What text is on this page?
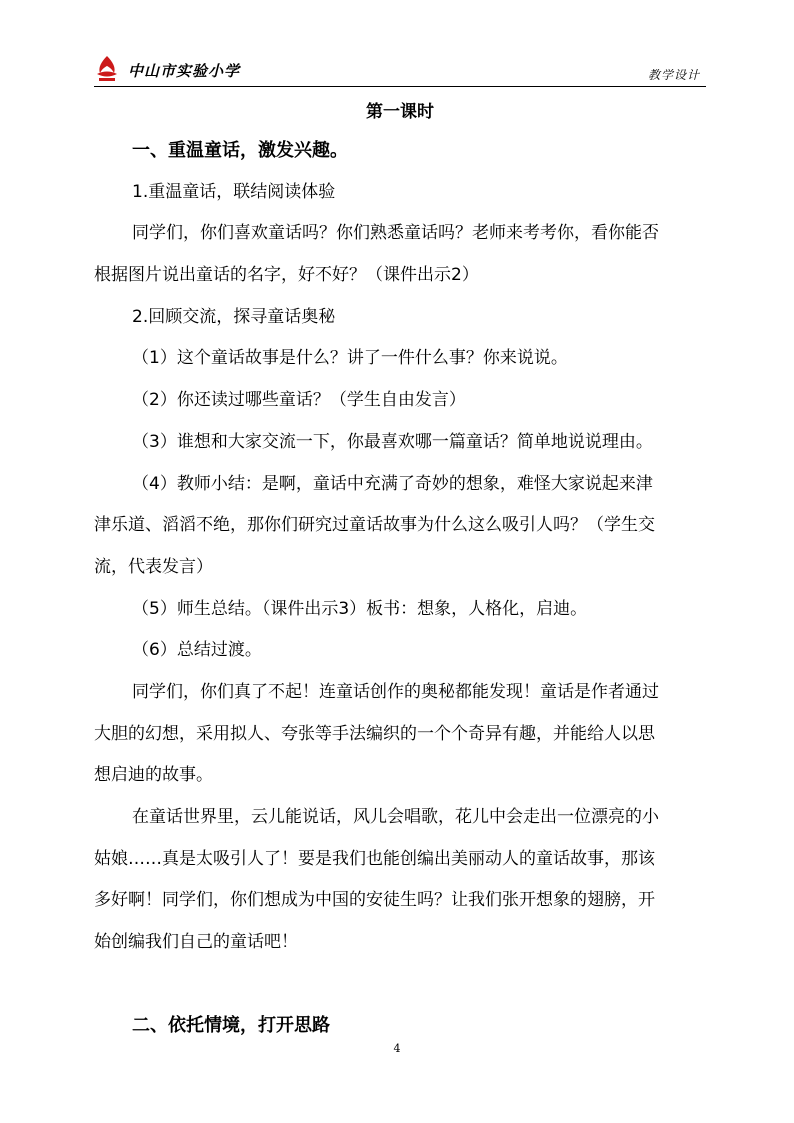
中山市实验小学	教学设计
第一课时
一、重温童话，激发兴趣。
1.重温童话，联结阅读体验
同学们，你们喜欢童话吗？你们熟悉童话吗？老师来考考你，看你能否
根据图片说出童话的名字，好不好？（课件出示2）
2.回顾交流，探寻童话奥秘
（1）这个童话故事是什么？讲了一件什么事？你来说说。
（2）你还读过哪些童话？（学生自由发言）
（3）谁想和大家交流一下，你最喜欢哪一篇童话？简单地说说理由。
（4）教师小结：是啊，童话中充满了奇妙的想象，难怪大家说起来津
津乐道、滔滔不绝，那你们研究过童话故事为什么这么吸引人吗？（学生交
流，代表发言）
（5）师生总结。（课件出示3）板书：想象，人格化，启迪。
（6）总结过渡。
同学们，你们真了不起！连童话创作的奥秘都能发现！童话是作者通过
大胆的幻想，采用拟人、夸张等手法编织的一个个奇异有趣，并能给人以思
想启迪的故事。
在童话世界里，云儿能说话，风儿会唱歌，花儿中会走出一位漂亮的小
姑娘……真是太吸引人了！要是我们也能创编出美丽动人的童话故事，那该
多好啊！同学们，你们想成为中国的安徒生吗？让我们张开想象的翅膀，开
始创编我们自己的童话吧！
二、依托情境，打开思路
4
